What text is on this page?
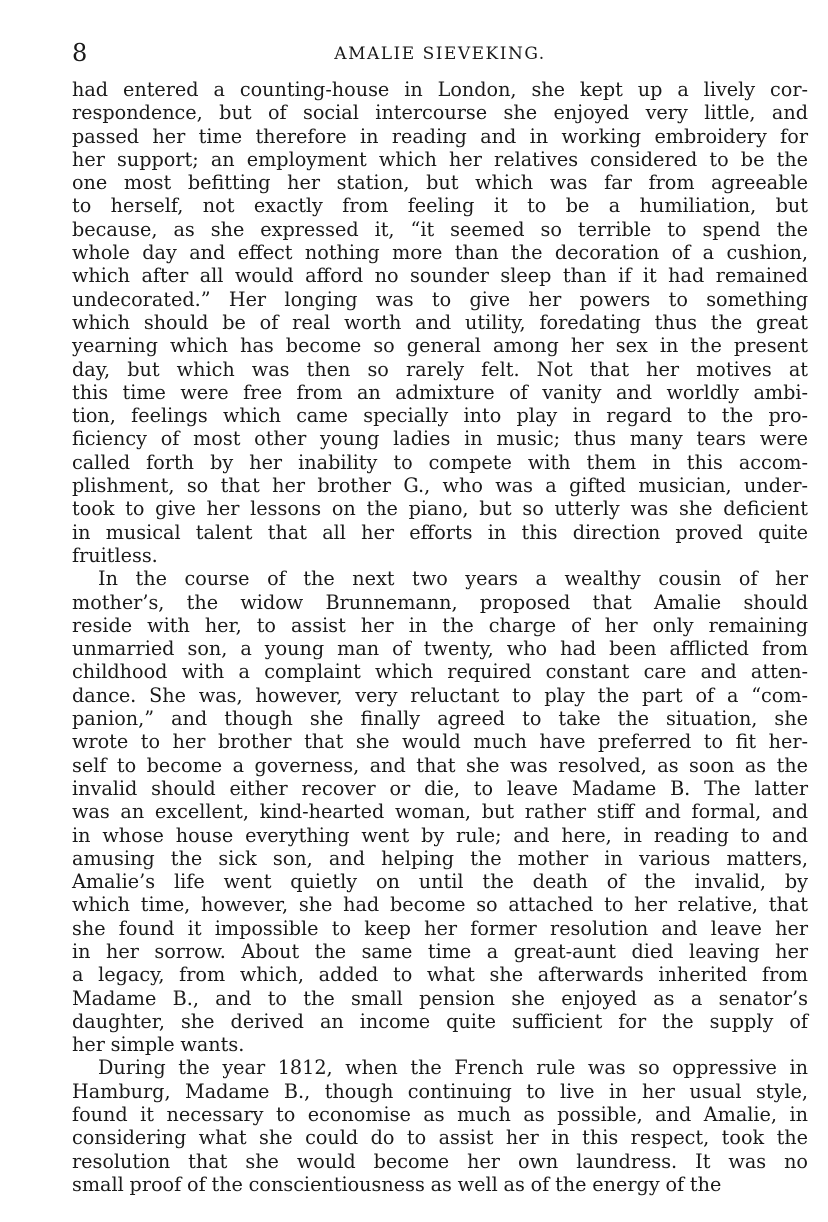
8	AMALIE SIEVEKING.
had entered a counting-house in London, she kept up a lively cor-
respondence, but of social intercourse she enjoyed very little, and
passed her time therefore in reading and in working embroidery for
her support; an employment which her relatives considered to be the
one most befitting her station, but which was far from agreeable
to herself, not exactly from feeling it to be a humiliation, but
because, as she expressed it, “it seemed so terrible to spend the
whole day and effect nothing more than the decoration of a cushion,
which after all would afford no sounder sleep than if it had remained
undecorated.” Her longing was to give her powers to something
which should be of real worth and utility, foredating thus the great
yearning which has become so general among her sex in the present
day, but which was then so rarely felt. Not that her motives at
this time were free from an admixture of vanity and worldly ambi-
tion, feelings which came specially into play in regard to the pro-
ficiency of most other young ladies in music; thus many tears were
called forth by her inability to compete with them in this accom-
plishment, so that her brother G., who was a gifted musician, under-
took to give her lessons on the piano, but so utterly was she deficient
in musical talent that all her efforts in this direction proved quite
fruitless.
In the course of the next two years a wealthy cousin of her
mother’s, the widow Brunnemann, proposed that Amalie should
reside with her, to assist her in the charge of her only remaining
unmarried son, a young man of twenty, who had been afflicted from
childhood with a complaint which required constant care and atten-
dance. She was, however, very reluctant to play the part of a “com-
panion,” and though she finally agreed to take the situation, she
wrote to her brother that she would much have preferred to fit her-
self to become a governess, and that she was resolved, as soon as the
invalid should either recover or die, to leave Madame B. The latter
was an excellent, kind-hearted woman, but rather stiff and formal, and
in whose house everything went by rule; and here, in reading to and
amusing the sick son, and helping the mother in various matters,
Amalie’s life went quietly on until the death of the invalid, by
which time, however, she had become so attached to her relative, that
she found it impossible to keep her former resolution and leave her
in her sorrow. About the same time a great-aunt died leaving her
a legacy, from which, added to what she afterwards inherited from
Madame B., and to the small pension she enjoyed as a senator’s
daughter, she derived an income quite sufficient for the supply of
her simple wants.
During the year 1812, when the French rule was so oppressive in
Hamburg, Madame B., though continuing to live in her usual style,
found it necessary to economise as much as possible, and Amalie, in
considering what she could do to assist her in this respect, took the
resolution that she would become her own laundress. It was no
small proof of the conscientiousness as well as of the energy of the
